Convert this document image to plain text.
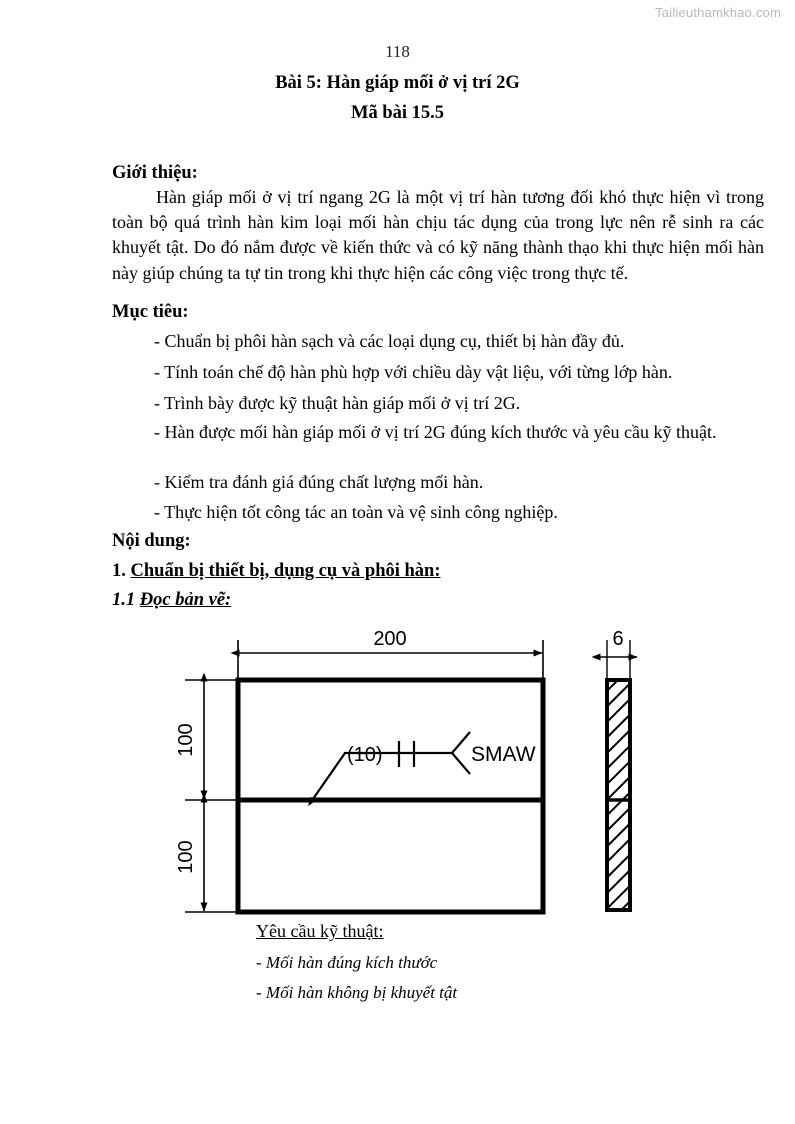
Tailieuthamkhao.com
118
Bài 5: Hàn giáp mối ở vị trí 2G
Mã bài 15.5
Giới thiệu:
Hàn giáp mối ở vị trí ngang 2G là một vị trí hàn tương đối khó thực hiện vì trong toàn bộ quá trình hàn kim loại mối hàn chịu tác dụng của trong lực nên rễ sinh ra các khuyết tật. Do đó nắm được về kiến thức và có kỹ năng thành thạo khi thực hiện mối hàn này giúp chúng ta tự tin trong khi thực hiện các công việc trong thực tế.
Mục tiêu:
- Chuẩn bị phôi hàn sạch và các loại dụng cụ, thiết bị hàn đầy đủ.
- Tính toán chế độ hàn phù hợp với chiều dày vật liệu, với từng lớp hàn.
- Trình bày được kỹ thuật hàn giáp mối ở vị trí 2G.
- Hàn được mối hàn giáp mối ở vị trí 2G đúng kích thước và yêu cầu kỹ thuật.
- Kiểm tra đánh giá đúng chất lượng mối hàn.
- Thực hiện tốt công tác an toàn và vệ sinh công nghiệp.
Nội dung:
1. Chuẩn bị thiết bị, dụng cụ và phôi hàn:
1.1 Đọc bản vẽ:
200
100
100
(10)	SMAW
6
Yêu cầu kỹ thuật:
- Mối hàn đúng kích thước
- Mối hàn không bị khuyết tật
